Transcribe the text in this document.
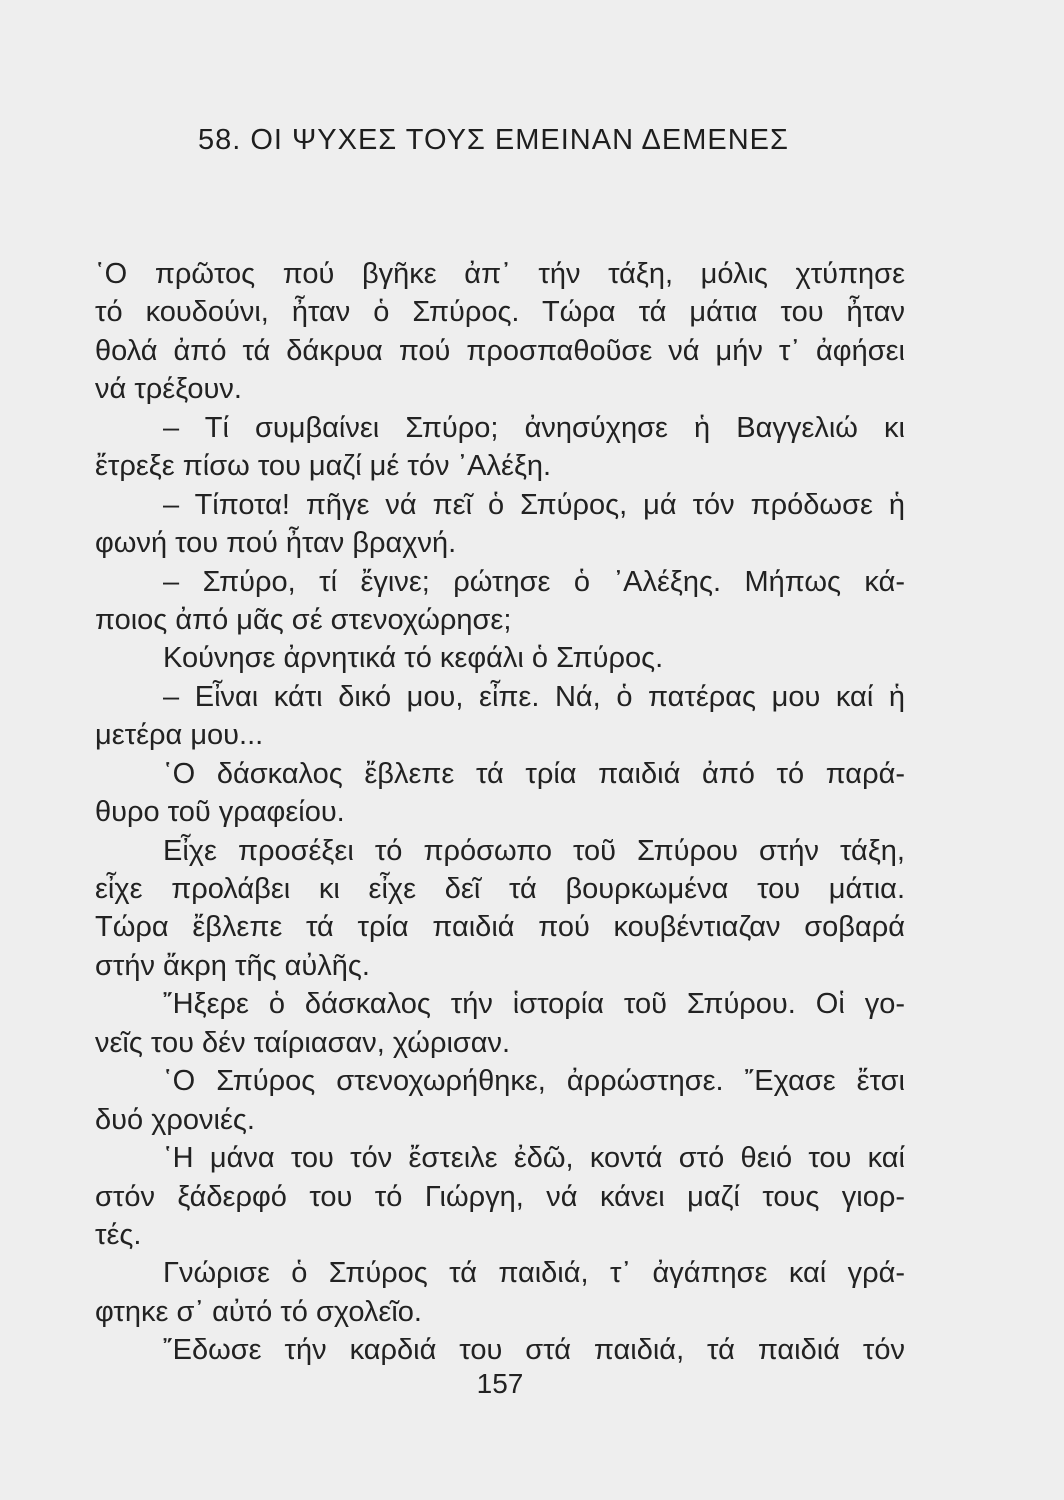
58. ΟΙ ΨΥΧΕΣ ΤΟΥΣ ΕΜΕΙΝΑΝ ΔΕΜΕΝΕΣ
῾Ο πρῶτος πού βγῆκε ἀπ᾽ τήν τάξη, μόλις χτύπησε
τό κουδούνι, ἦταν ὁ Σπύρος. Τώρα τά μάτια του ἦταν
θολά ἀπό τά δάκρυα πού προσπαθοῦσε νά μήν τ᾽ ἀφήσει
νά τρέξουν.
– Τί συμβαίνει Σπύρο; ἀνησύχησε ἡ Βαγγελιώ κι
ἔτρεξε πίσω του μαζί μέ τόν ᾽Αλέξη.
– Τίποτα! πῆγε νά πεῖ ὁ Σπύρος, μά τόν πρόδωσε ἡ
φωνή του πού ἦταν βραχνή.
– Σπύρο, τί ἔγινε; ρώτησε ὁ ᾽Αλέξης. Μήπως κά-
ποιος ἀπό μᾶς σέ στενοχώρησε;
Κούνησε ἀρνητικά τό κεφάλι ὁ Σπύρος.
– Εἶναι κάτι δικό μου, εἶπε. Νά, ὁ πατέρας μου καί ἡ
μετέρα μου...
῾Ο δάσκαλος ἔβλεπε τά τρία παιδιά ἀπό τό παρά-
θυρο τοῦ γραφείου.
Εἶχε προσέξει τό πρόσωπο τοῦ Σπύρου στήν τάξη,
εἶχε προλάβει κι εἶχε δεῖ τά βουρκωμένα του μάτια.
Τώρα ἔβλεπε τά τρία παιδιά πού κουβέντιαζαν σοβαρά
στήν ἄκρη τῆς αὐλῆς.
῎Ηξερε ὁ δάσκαλος τήν ἱστορία τοῦ Σπύρου. Οἱ γο-
νεῖς του δέν ταίριασαν, χώρισαν.
῾Ο Σπύρος στενοχωρήθηκε, ἀρρώστησε. ῎Εχασε ἔτσι
δυό χρονιές.
῾Η μάνα του τόν ἔστειλε ἐδῶ, κοντά στό θειό του καί
στόν ξάδερφό του τό Γιώργη, νά κάνει μαζί τους γιορ-
τές.
Γνώρισε ὁ Σπύρος τά παιδιά, τ᾽ ἀγάπησε καί γρά-
φτηκε σ᾽ αὐτό τό σχολεῖο.
῎Εδωσε τήν καρδιά του στά παιδιά, τά παιδιά τόν
157
